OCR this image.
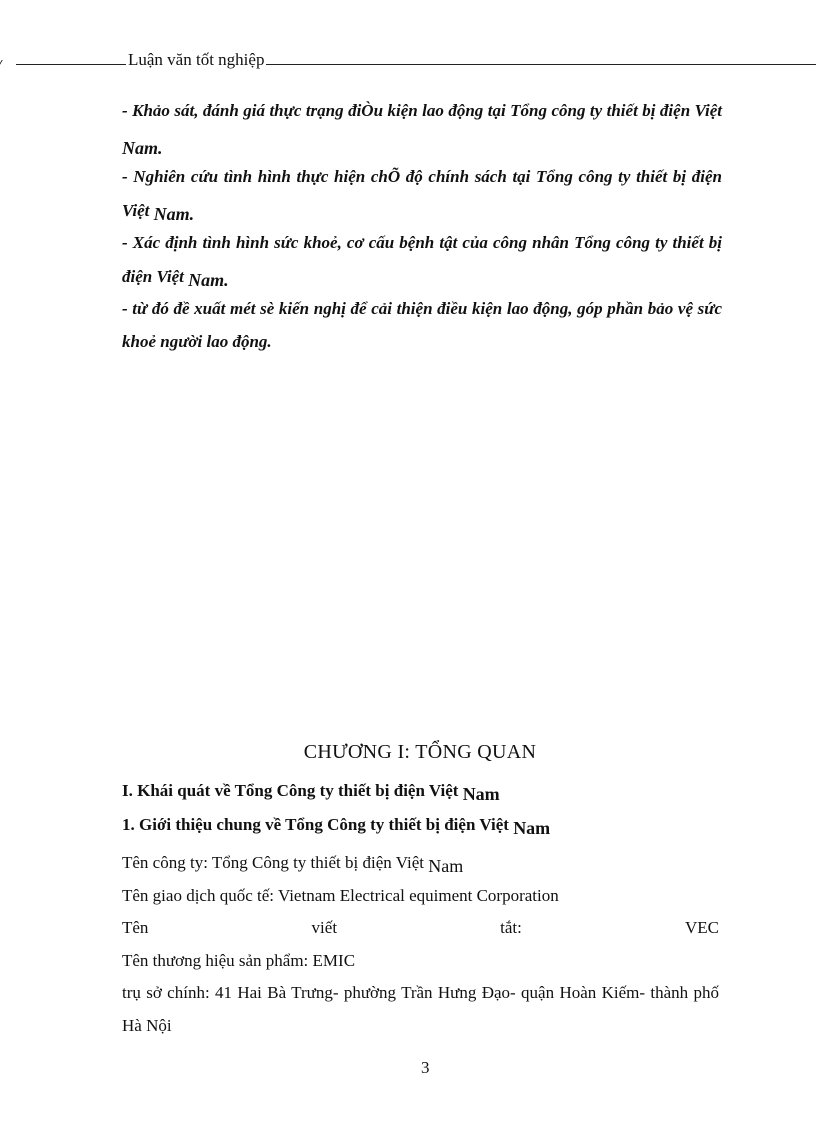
Luận văn tốt nghiệp

- Khảo sát, đánh giá thực trạng điÒu kiện lao động tại Tổng công ty thiết bị điện Việt Nam.

- Nghiên cứu tình hình thực hiện chÕ độ chính sách tại Tổng công ty thiết bị điện Việt Nam.

- Xác định tình hình sức khoẻ, cơ cấu bệnh tật của công nhân Tổng công ty thiết bị điện Việt Nam.

- từ đó đề xuất mét sè kiến nghị để cải thiện điều kiện lao động, góp phần bảo vệ sức khoẻ người lao động.

CHƯƠNG I: TỔNG QUAN
I. Khái quát về Tổng Công ty thiết bị điện Việt Nam
1. Giới thiệu chung về Tổng Công ty thiết bị điện Việt Nam

Tên công ty: Tổng Công ty thiết bị điện Việt Nam

Tên giao dịch quốc tế: Vietnam Electrical equiment Corporation

Tên	viết	tắt:	VEC

Tên thương hiệu sản phẩm: EMIC

trụ sở chính: 41 Hai Bà Trưng- phường Trần Hưng Đạo- quận Hoàn Kiếm- thành phố Hà Nội

3
